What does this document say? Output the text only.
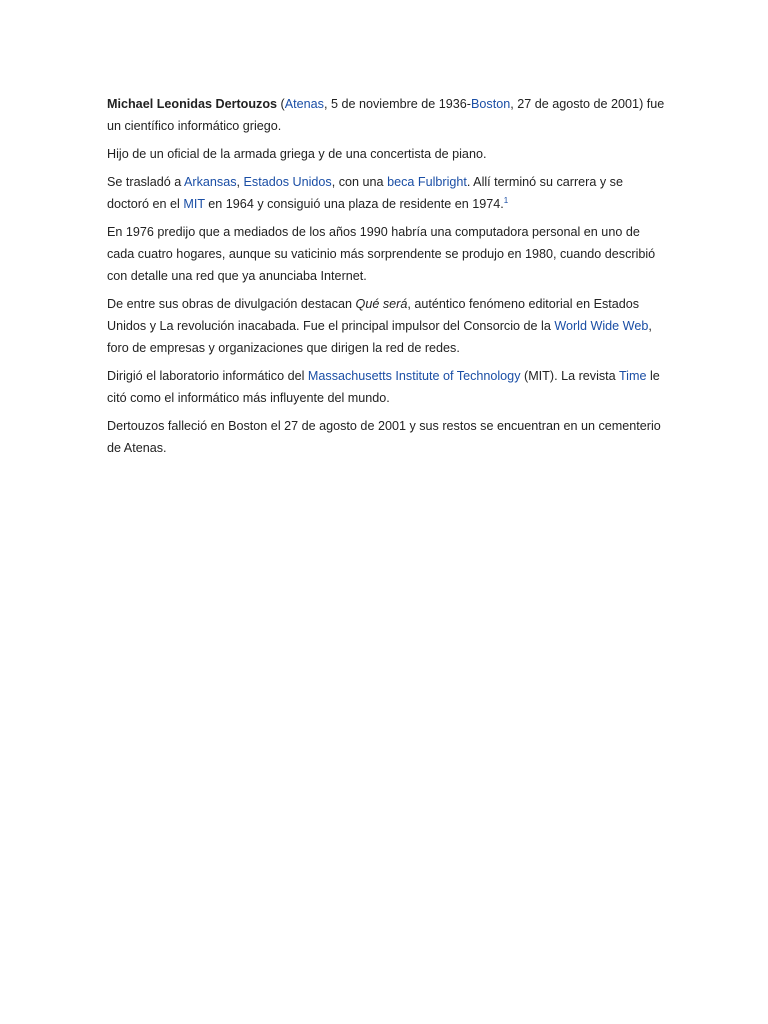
Michael Leonidas Dertouzos (Atenas, 5 de noviembre de 1936-Boston, 27 de agosto de 2001) fue un científico informático griego.

Hijo de un oficial de la armada griega y de una concertista de piano.

Se trasladó a Arkansas, Estados Unidos, con una beca Fulbright. Allí terminó su carrera y se doctoró en el MIT en 1964 y consiguió una plaza de residente en 1974.$^1$

En 1976 predijo que a mediados de los años 1990 habría una computadora personal en uno de cada cuatro hogares, aunque su vaticinio más sorprendente se produjo en 1980, cuando describió con detalle una red que ya anunciaba Internet.

De entre sus obras de divulgación destacan Qué será, auténtico fenómeno editorial en Estados Unidos y La revolución inacabada. Fue el principal impulsor del Consorcio de la World Wide Web, foro de empresas y organizaciones que dirigen la red de redes.

Dirigió el laboratorio informático del Massachusetts Institute of Technology (MIT). La revista Time le citó como el informático más influyente del mundo.

Dertouzos falleció en Boston el 27 de agosto de 2001 y sus restos se encuentran en un cementerio de Atenas.
